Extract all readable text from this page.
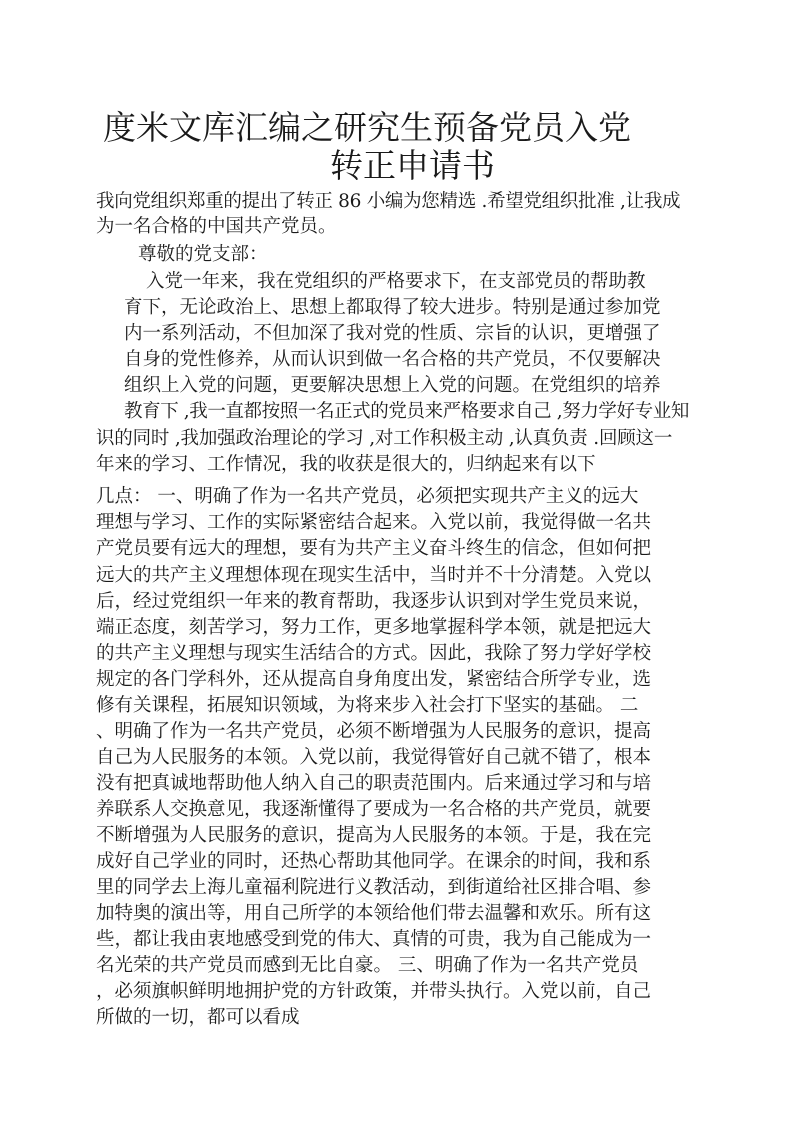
度米文库汇编之研究生预备党员入党
转正申请书
我向党组织郑重的提出了转正 86 小编为您精选 .希望党组织批准 ,让我成
为一名合格的中国共产党员。
尊敬的党支部：
入党一年来，我在党组织的严格要求下，在支部党员的帮助教
育下，无论政治上、思想上都取得了较大进步。特别是通过参加党
内一系列活动，不但加深了我对党的性质、宗旨的认识，更增强了
自身的党性修养，从而认识到做一名合格的共产党员，不仅要解决
组织上入党的问题，更要解决思想上入党的问题。在党组织的培养
教育下 ,我一直都按照一名正式的党员来严格要求自己 ,努力学好专业知
识的同时 ,我加强政治理论的学习 ,对工作积极主动 ,认真负责 .回顾这一
年来的学习、工作情况，我的收获是很大的，归纳起来有以下
几点： 一、明确了作为一名共产党员，必须把实现共产主义的远大
理想与学习、工作的实际紧密结合起来。入党以前，我觉得做一名共
产党员要有远大的理想，要有为共产主义奋斗终生的信念，但如何把
远大的共产主义理想体现在现实生活中，当时并不十分清楚。入党以
后，经过党组织一年来的教育帮助，我逐步认识到对学生党员来说，
端正态度，刻苦学习，努力工作，更多地掌握科学本领，就是把远大
的共产主义理想与现实生活结合的方式。因此，我除了努力学好学校
规定的各门学科外，还从提高自身角度出发，紧密结合所学专业，选
修有关课程，拓展知识领域，为将来步入社会打下坚实的基础。 二
、明确了作为一名共产党员，必须不断增强为人民服务的意识，提高
自己为人民服务的本领。入党以前，我觉得管好自己就不错了，根本
没有把真诚地帮助他人纳入自己的职责范围内。后来通过学习和与培
养联系人交换意见，我逐渐懂得了要成为一名合格的共产党员，就要
不断增强为人民服务的意识，提高为人民服务的本领。于是，我在完
成好自己学业的同时，还热心帮助其他同学。在课余的时间，我和系
里的同学去上海儿童福利院进行义教活动，到街道给社区排合唱、参
加特奥的演出等，用自己所学的本领给他们带去温馨和欢乐。所有这
些，都让我由衷地感受到党的伟大、真情的可贵，我为自己能成为一
名光荣的共产党员而感到无比自豪。 三、明确了作为一名共产党员
，必须旗帜鲜明地拥护党的方针政策，并带头执行。入党以前，自己
所做的一切，都可以看成
